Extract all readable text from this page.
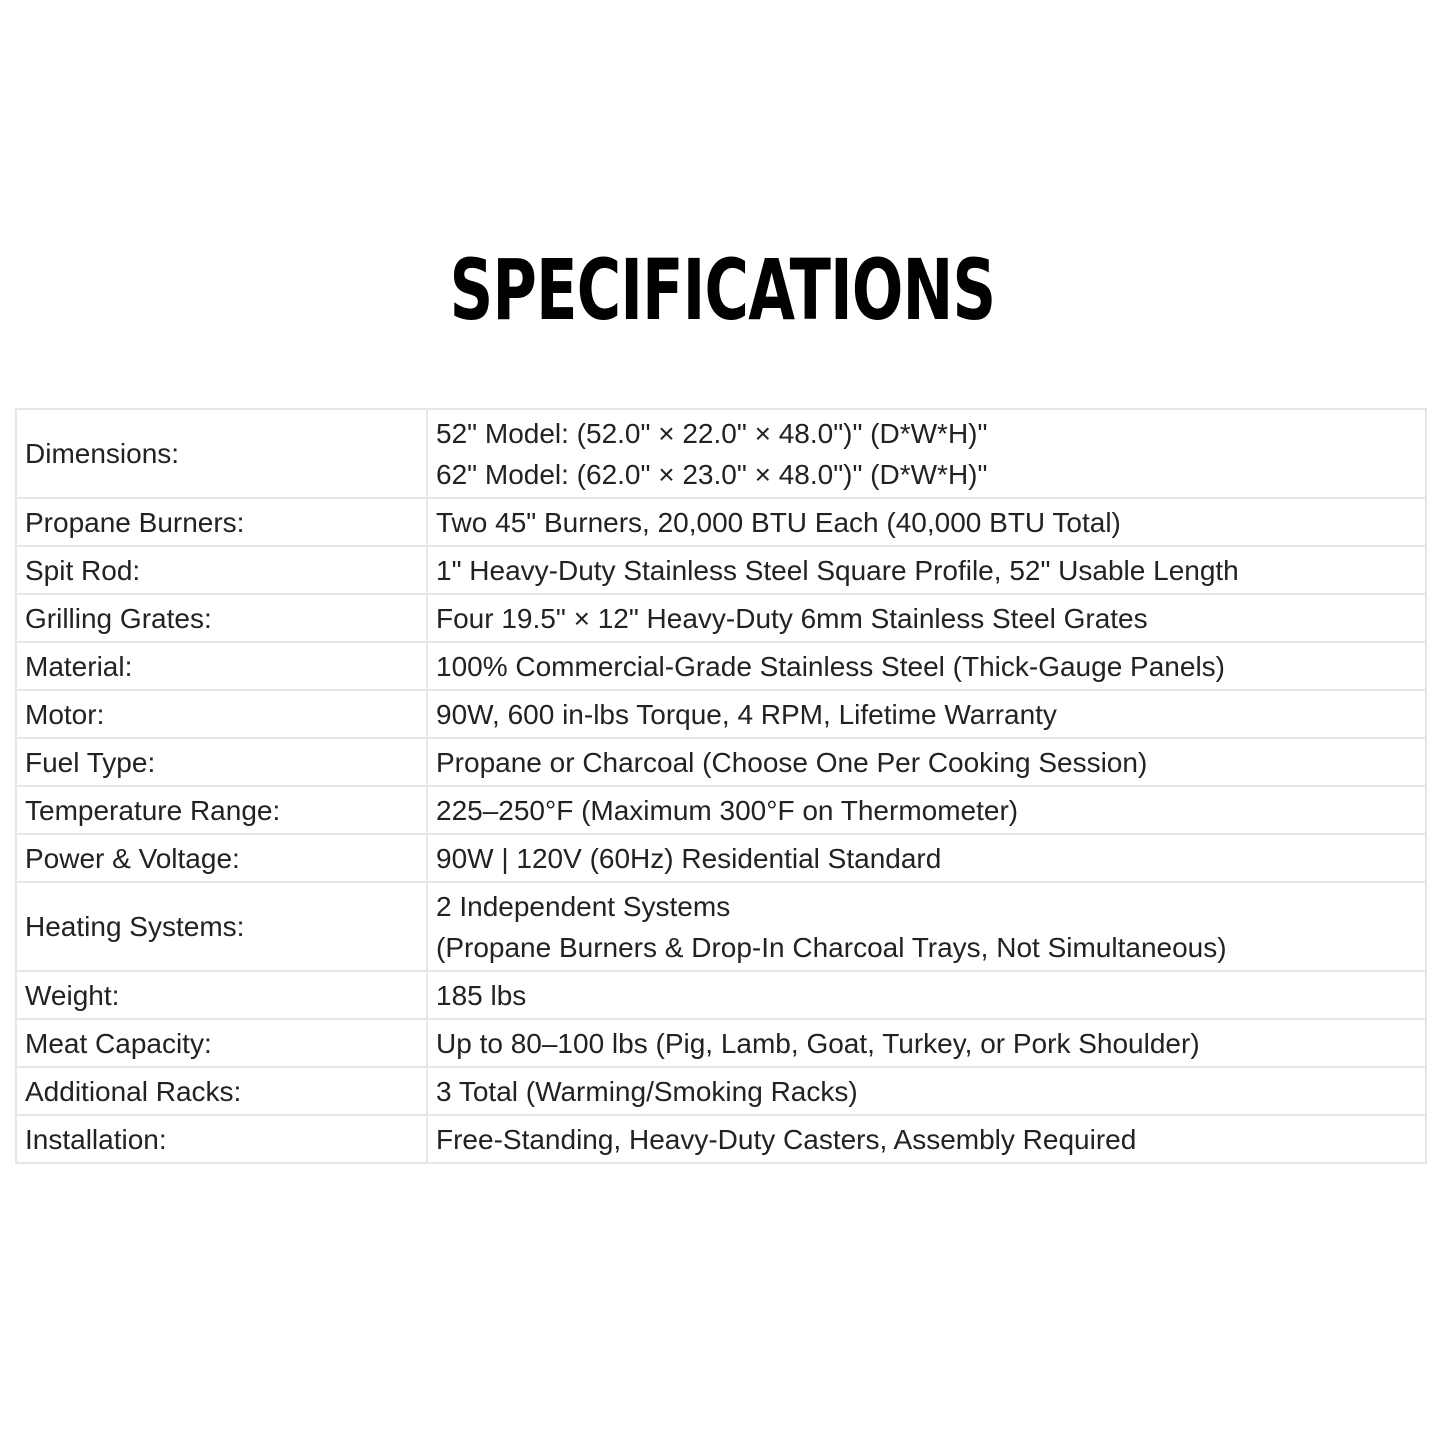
SPECIFICATIONS
Dimensions:	52" Model: (52.0" × 22.0" × 48.0")" (D*W*H)"
62" Model: (62.0" × 23.0" × 48.0")" (D*W*H)"

Propane Burners:	Two 45" Burners, 20,000 BTU Each (40,000 BTU Total)
Spit Rod:	1" Heavy-Duty Stainless Steel Square Profile, 52" Usable Length
Grilling Grates:	Four 19.5" × 12" Heavy-Duty 6mm Stainless Steel Grates
Material:	100% Commercial-Grade Stainless Steel (Thick-Gauge Panels)
Motor:	90W, 600 in-lbs Torque, 4 RPM, Lifetime Warranty
Fuel Type:	Propane or Charcoal (Choose One Per Cooking Session)
Temperature Range:	225–250°F (Maximum 300°F on Thermometer)
Power & Voltage:	90W | 120V (60Hz) Residential Standard
Heating Systems:	2 Independent Systems
(Propane Burners & Drop-In Charcoal Trays, Not Simultaneous)

Weight:	185 lbs
Meat Capacity:	Up to 80–100 lbs (Pig, Lamb, Goat, Turkey, or Pork Shoulder)
Additional Racks:	3 Total (Warming/Smoking Racks)
Installation:	Free-Standing, Heavy-Duty Casters, Assembly Required
